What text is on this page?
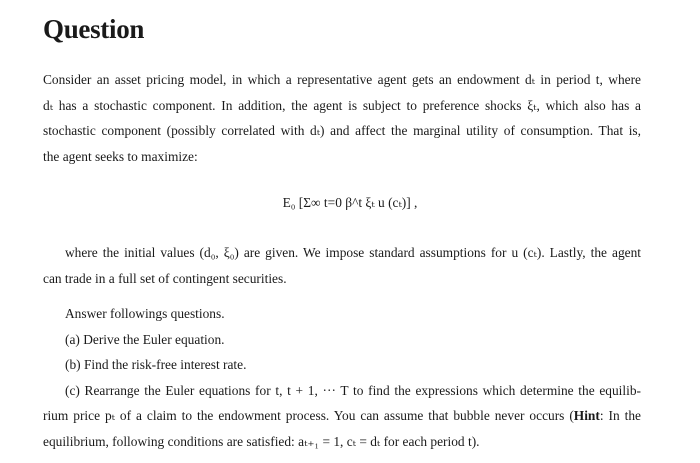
Question
Consider an asset pricing model, in which a representative agent gets an endowment dₜ in period t, where
dₜ has a stochastic component. In addition, the agent is subject to preference shocks ξₜ, which also has a
stochastic component (possibly correlated with dₜ) and affect the marginal utility of consumption. That is,
the agent seeks to maximize:
E₀ [Σ∞ t=0 β^t ξₜ u (cₜ)] ,
where the initial values (d₀, ξ₀) are given. We impose standard assumptions for u (cₜ). Lastly, the agent
can trade in a full set of contingent securities.
Answer followings questions.
(a) Derive the Euler equation.
(b) Find the risk-free interest rate.
(c) Rearrange the Euler equations for t, t + 1, ··· T to find the expressions which determine the equilib-
rium price pₜ of a claim to the endowment process. You can assume that bubble never occurs (Hint: In the
equilibrium, following conditions are satisfied: aₜ₊₁ = 1, cₜ = dₜ for each period t).
